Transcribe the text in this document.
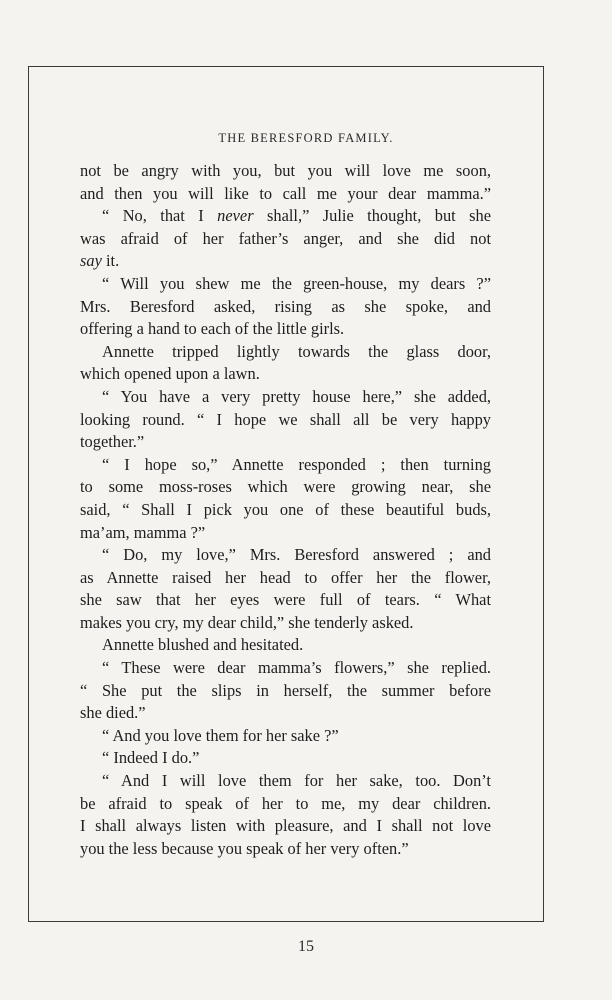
THE BERESFORD FAMILY.
not be angry with you, but you will love me soon,
and then you will like to call me your dear mamma.”
“ No, that I never shall,” Julie thought, but she
was afraid of her father’s anger, and she did not
say it.
“ Will you shew me the green-house, my dears ?”
Mrs. Beresford asked, rising as she spoke, and
offering a hand to each of the little girls.
Annette tripped lightly towards the glass door,
which opened upon a lawn.
“ You have a very pretty house here,” she added,
looking round. “ I hope we shall all be very happy
together.”
“ I hope so,” Annette responded ; then turning
to some moss-roses which were growing near, she
said, “ Shall I pick you one of these beautiful buds,
ma’am, mamma ?”
“ Do, my love,” Mrs. Beresford answered ; and
as Annette raised her head to offer her the flower,
she saw that her eyes were full of tears. “ What
makes you cry, my dear child,” she tenderly asked.
Annette blushed and hesitated.
“ These were dear mamma’s flowers,” she replied.
“ She put the slips in herself, the summer before
she died.”
“ And you love them for her sake ?”
“ Indeed I do.”
“ And I will love them for her sake, too. Don’t
be afraid to speak of her to me, my dear children.
I shall always listen with pleasure, and I shall not love
you the less because you speak of her very often.”
15
